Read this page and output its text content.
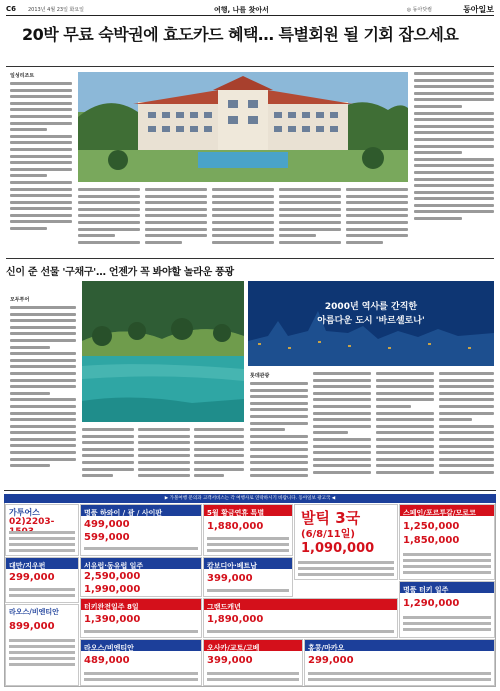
C6 2013년 4월 23일 화요일	여행, 나를 찾아서	◎ 동아닷컴	동아일보
20박 무료 숙박권에 효도카드 혜택… 특별회원 될 기회 잡으세요
일성리조트
신이 준 선물 '구채구'… 언젠가 꼭 봐야할 놀라운 풍광
모두투어
2000년 역사를 간직한
아름다운 도시 '바르셀로나'
롯데관광
▶ 가볼여행 문의과 고객서비스는 각 여행사로 연락하시기 바랍니다. 동아일보 광고국 ◀
가투어스
02)2203-
명품 하와이 / 괌 / 사이판
499,000
599,000
5월 황금연휴 특별
1,880,000	발틱 3국
(6/8/11일)
1,090,000
스페인/포르투갈/모로코
1,250,000
1,850,000
대만/지우펀
299,000
서유럽·동유럽 일주
2,590,000
1,990,000
캄보디아·베트남
399,000
터키완전일주 8일
1,390,000
그랜드캐년
1,890,000
명품 터키 일주
1,290,000
라오스/비엔티안
899,000
라오스/비엔티안
489,000
오사카/교토/고베
399,000
홍콩/마카오
299,000
